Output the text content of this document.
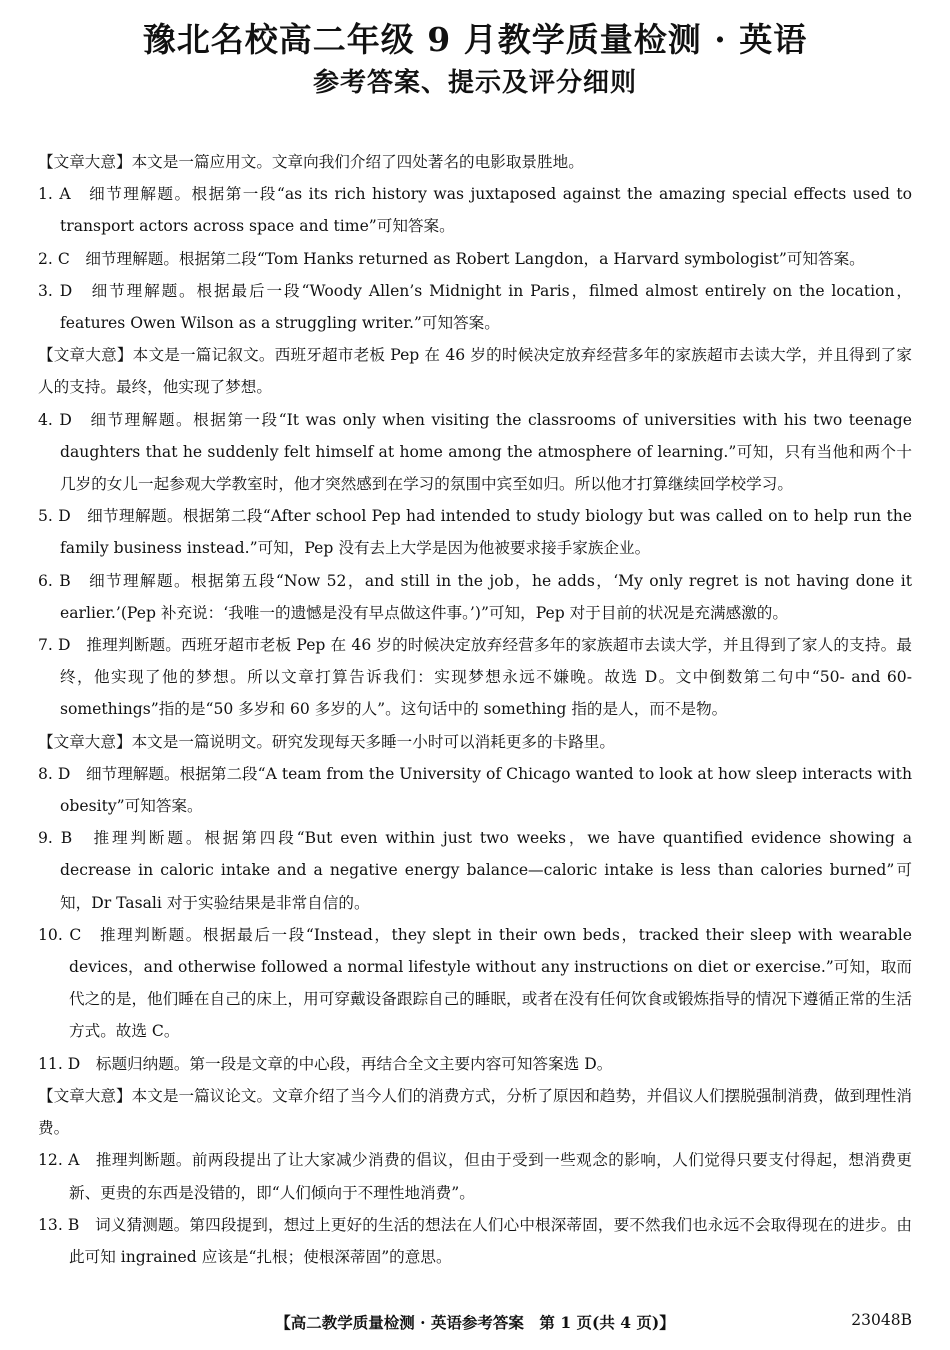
豫北名校高二年级 9 月教学质量检测 · 英语
参考答案、提示及评分细则

【文章大意】本文是一篇应用文。文章向我们介绍了四处著名的电影取景胜地。

1. A　细节理解题。根据第一段“as its rich history was juxtaposed against the amazing special effects used to transport actors across space and time”可知答案。

2. C　细节理解题。根据第二段“Tom Hanks returned as Robert Langdon，a Harvard symbologist”可知答案。

3. D　细节理解题。根据最后一段“Woody Allen’s Midnight in Paris，filmed almost entirely on the location，features Owen Wilson as a struggling writer.”可知答案。

【文章大意】本文是一篇记叙文。西班牙超市老板 Pep 在 46 岁的时候决定放弃经营多年的家族超市去读大学，并且得到了家人的支持。最终，他实现了梦想。

4. D　细节理解题。根据第一段“It was only when visiting the classrooms of universities with his two teenage daughters that he suddenly felt himself at home among the atmosphere of learning.”可知，只有当他和两个十几岁的女儿一起参观大学教室时，他才突然感到在学习的氛围中宾至如归。所以他才打算继续回学校学习。

5. D　细节理解题。根据第二段“After school Pep had intended to study biology but was called on to help run the family business instead.”可知，Pep 没有去上大学是因为他被要求接手家族企业。

6. B　细节理解题。根据第五段“Now 52，and still in the job，he adds，‘My only regret is not having done it earlier.’(Pep 补充说：‘我唯一的遗憾是没有早点做这件事。’)”可知，Pep 对于目前的状况是充满感激的。

7. D　推理判断题。西班牙超市老板 Pep 在 46 岁的时候决定放弃经营多年的家族超市去读大学，并且得到了家人的支持。最终，他实现了他的梦想。所以文章打算告诉我们：实现梦想永远不嫌晚。故选 D。文中倒数第二句中“50- and 60- somethings”指的是“50 多岁和 60 多岁的人”。这句话中的 something 指的是人，而不是物。

【文章大意】本文是一篇说明文。研究发现每天多睡一小时可以消耗更多的卡路里。

8. D　细节理解题。根据第二段“A team from the University of Chicago wanted to look at how sleep interacts with obesity”可知答案。

9. B　推理判断题。根据第四段“But even within just two weeks，we have quantified evidence showing a decrease in caloric intake and a negative energy balance—caloric intake is less than calories burned”可知，Dr Tasali 对于实验结果是非常自信的。

10. C　推理判断题。根据最后一段“Instead，they slept in their own beds，tracked their sleep with wearable devices，and otherwise followed a normal lifestyle without any instructions on diet or exercise.”可知，取而代之的是，他们睡在自己的床上，用可穿戴设备跟踪自己的睡眠，或者在没有任何饮食或锻炼指导的情况下遵循正常的生活方式。故选 C。

11. D　标题归纳题。第一段是文章的中心段，再结合全文主要内容可知答案选 D。

【文章大意】本文是一篇议论文。文章介绍了当今人们的消费方式，分析了原因和趋势，并倡议人们摆脱强制消费，做到理性消费。

12. A　推理判断题。前两段提出了让大家减少消费的倡议，但由于受到一些观念的影响，人们觉得只要支付得起，想消费更新、更贵的东西是没错的，即“人们倾向于不理性地消费”。

13. B　词义猜测题。第四段提到，想过上更好的生活的想法在人们心中根深蒂固，要不然我们也永远不会取得现在的进步。由此可知 ingrained 应该是“扎根；使根深蒂固”的意思。

【高二教学质量检测 · 英语参考答案　第 1 页(共 4 页)】	23048B
